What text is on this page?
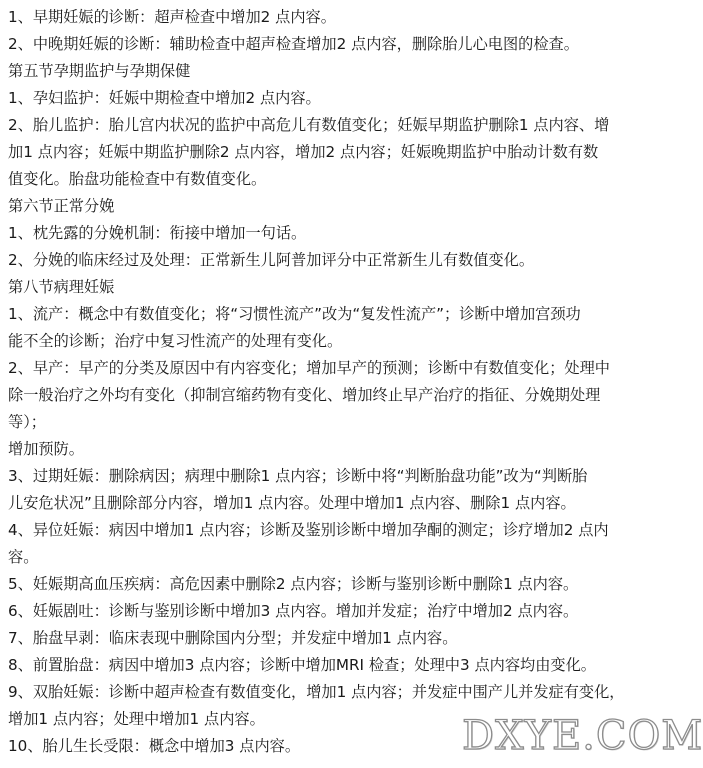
1、早期妊娠的诊断：超声检查中增加2 点内容。
2、中晚期妊娠的诊断：辅助检查中超声检查增加2 点内容，删除胎儿心电图的检查。
第五节孕期监护与孕期保健
1、孕妇监护：妊娠中期检查中增加2 点内容。
2、胎儿监护：胎儿宫内状况的监护中高危儿有数值变化；妊娠早期监护删除1 点内容、增
加1 点内容；妊娠中期监护删除2 点内容，增加2 点内容；妊娠晚期监护中胎动计数有数
值变化。胎盘功能检查中有数值变化。
第六节正常分娩
1、枕先露的分娩机制：衔接中增加一句话。
2、分娩的临床经过及处理：正常新生儿阿普加评分中正常新生儿有数值变化。
第八节病理妊娠
1、流产：概念中有数值变化；将“习惯性流产”改为“复发性流产”；诊断中增加宫颈功
能不全的诊断；治疗中复习性流产的处理有变化。
2、早产：早产的分类及原因中有内容变化；增加早产的预测；诊断中有数值变化；处理中
除一般治疗之外均有变化（抑制宫缩药物有变化、增加终止早产治疗的指征、分娩期处理
等）；
增加预防。
3、过期妊娠：删除病因；病理中删除1 点内容；诊断中将“判断胎盘功能”改为“判断胎
儿安危状况”且删除部分内容，增加1 点内容。处理中增加1 点内容、删除1 点内容。
4、异位妊娠：病因中增加1 点内容；诊断及鉴别诊断中增加孕酮的测定；诊疗增加2 点内
容。
5、妊娠期高血压疾病：高危因素中删除2 点内容；诊断与鉴别诊断中删除1 点内容。
6、妊娠剧吐：诊断与鉴别诊断中增加3 点内容。增加并发症；治疗中增加2 点内容。
7、胎盘早剥：临床表现中删除国内分型；并发症中增加1 点内容。
8、前置胎盘：病因中增加3 点内容；诊断中增加MRI 检查；处理中3 点内容均由变化。
9、双胎妊娠：诊断中超声检查有数值变化，增加1 点内容；并发症中围产儿并发症有变化，
增加1 点内容；处理中增加1 点内容。
10、胎儿生长受限：概念中增加3 点内容。	DXYE.COM
